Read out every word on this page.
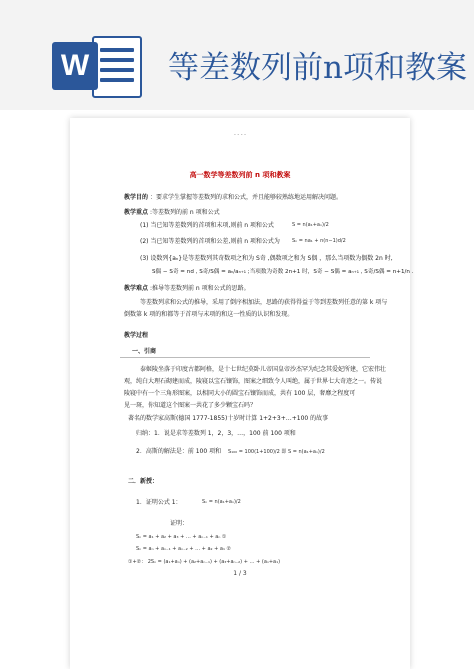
W	等差数列前n项和教案
- - - -
高一数学等差数列前 n 项和教案
教学目的 ：要求学生掌握等差数列的求和公式，并且能够较熟练地运用解决问题。
教学重点 :等差数列的前 n 项和公式
(1) 当已知等差数列的首项和末项,则前 n 项和公式	S = n(a₁+aₙ)/2
(2) 当已知等差数列的首项和公差,则前 n 项和公式为 Sₙ = na₁ + n(n−1)d/2
(3) 设数列{aₙ}是等差数列其奇数项之和为 S奇 ,偶数项之和为 S偶 ，那么当项数为偶数 2n 时,
S偶 − S奇 = nd , S奇/S偶 = aₙ/aₙ₊₁ ;当项数为奇数 2n+1 时，S奇 − S偶 = aₙ₊₁ , S奇/S偶 = n+1/n .
教学难点 :推导等差数列前 n 项和公式的思路。
等差数列求和公式的推导，采用了倒序相加法，思路的获得得益于等到差数列任意的第 k 项与
倒数第 k 项的和都等于首项与末项的和这一性质的认识和发现。
教学过程
一、引商
泰姬陵坐落于印度古都阿格，是十七世纪莫卧儿帝国皇帝沙杰罕为纪念其爱妃所建，它宏伟壮
观，纯白大理石砌建而成，陵寝以宝石镶饰，图案之细致令人叫绝，属于世界七大奇迹之一。传说
陵寝中有一个三角形图案，以相同大小的圆宝石镶饰而成，共有 100 层，奢靡之程度可
见一斑，你知道这个图案一共花了多少颗宝石吗？
著名的数学家高斯(德国 1777-1855)十岁时计算 1+2+3+…+100 的故事
归纳：1．说是求等差数列 1，2，3，…，100 前 100 项和
2．高斯的解法是：前 100 项和 S₁₀₀ = 100(1+100)/2 即 S = n(a₁+aₙ)/2
二．新授：
1．证明公式 1：	Sₙ = n(a₁+aₙ)/2
证明：
Sₙ = a₁ + a₂ + a₃ + … + aₙ₋₁ + aₙ ①
Sₙ = aₙ + aₙ₋₁ + aₙ₋₂ + … + a₂ + a₁ ②
①+②： 2Sₙ = (a₁+aₙ) + (a₂+aₙ₋₁) + (a₃+aₙ₋₂) + … + (aₙ+a₁)
1 / 3
